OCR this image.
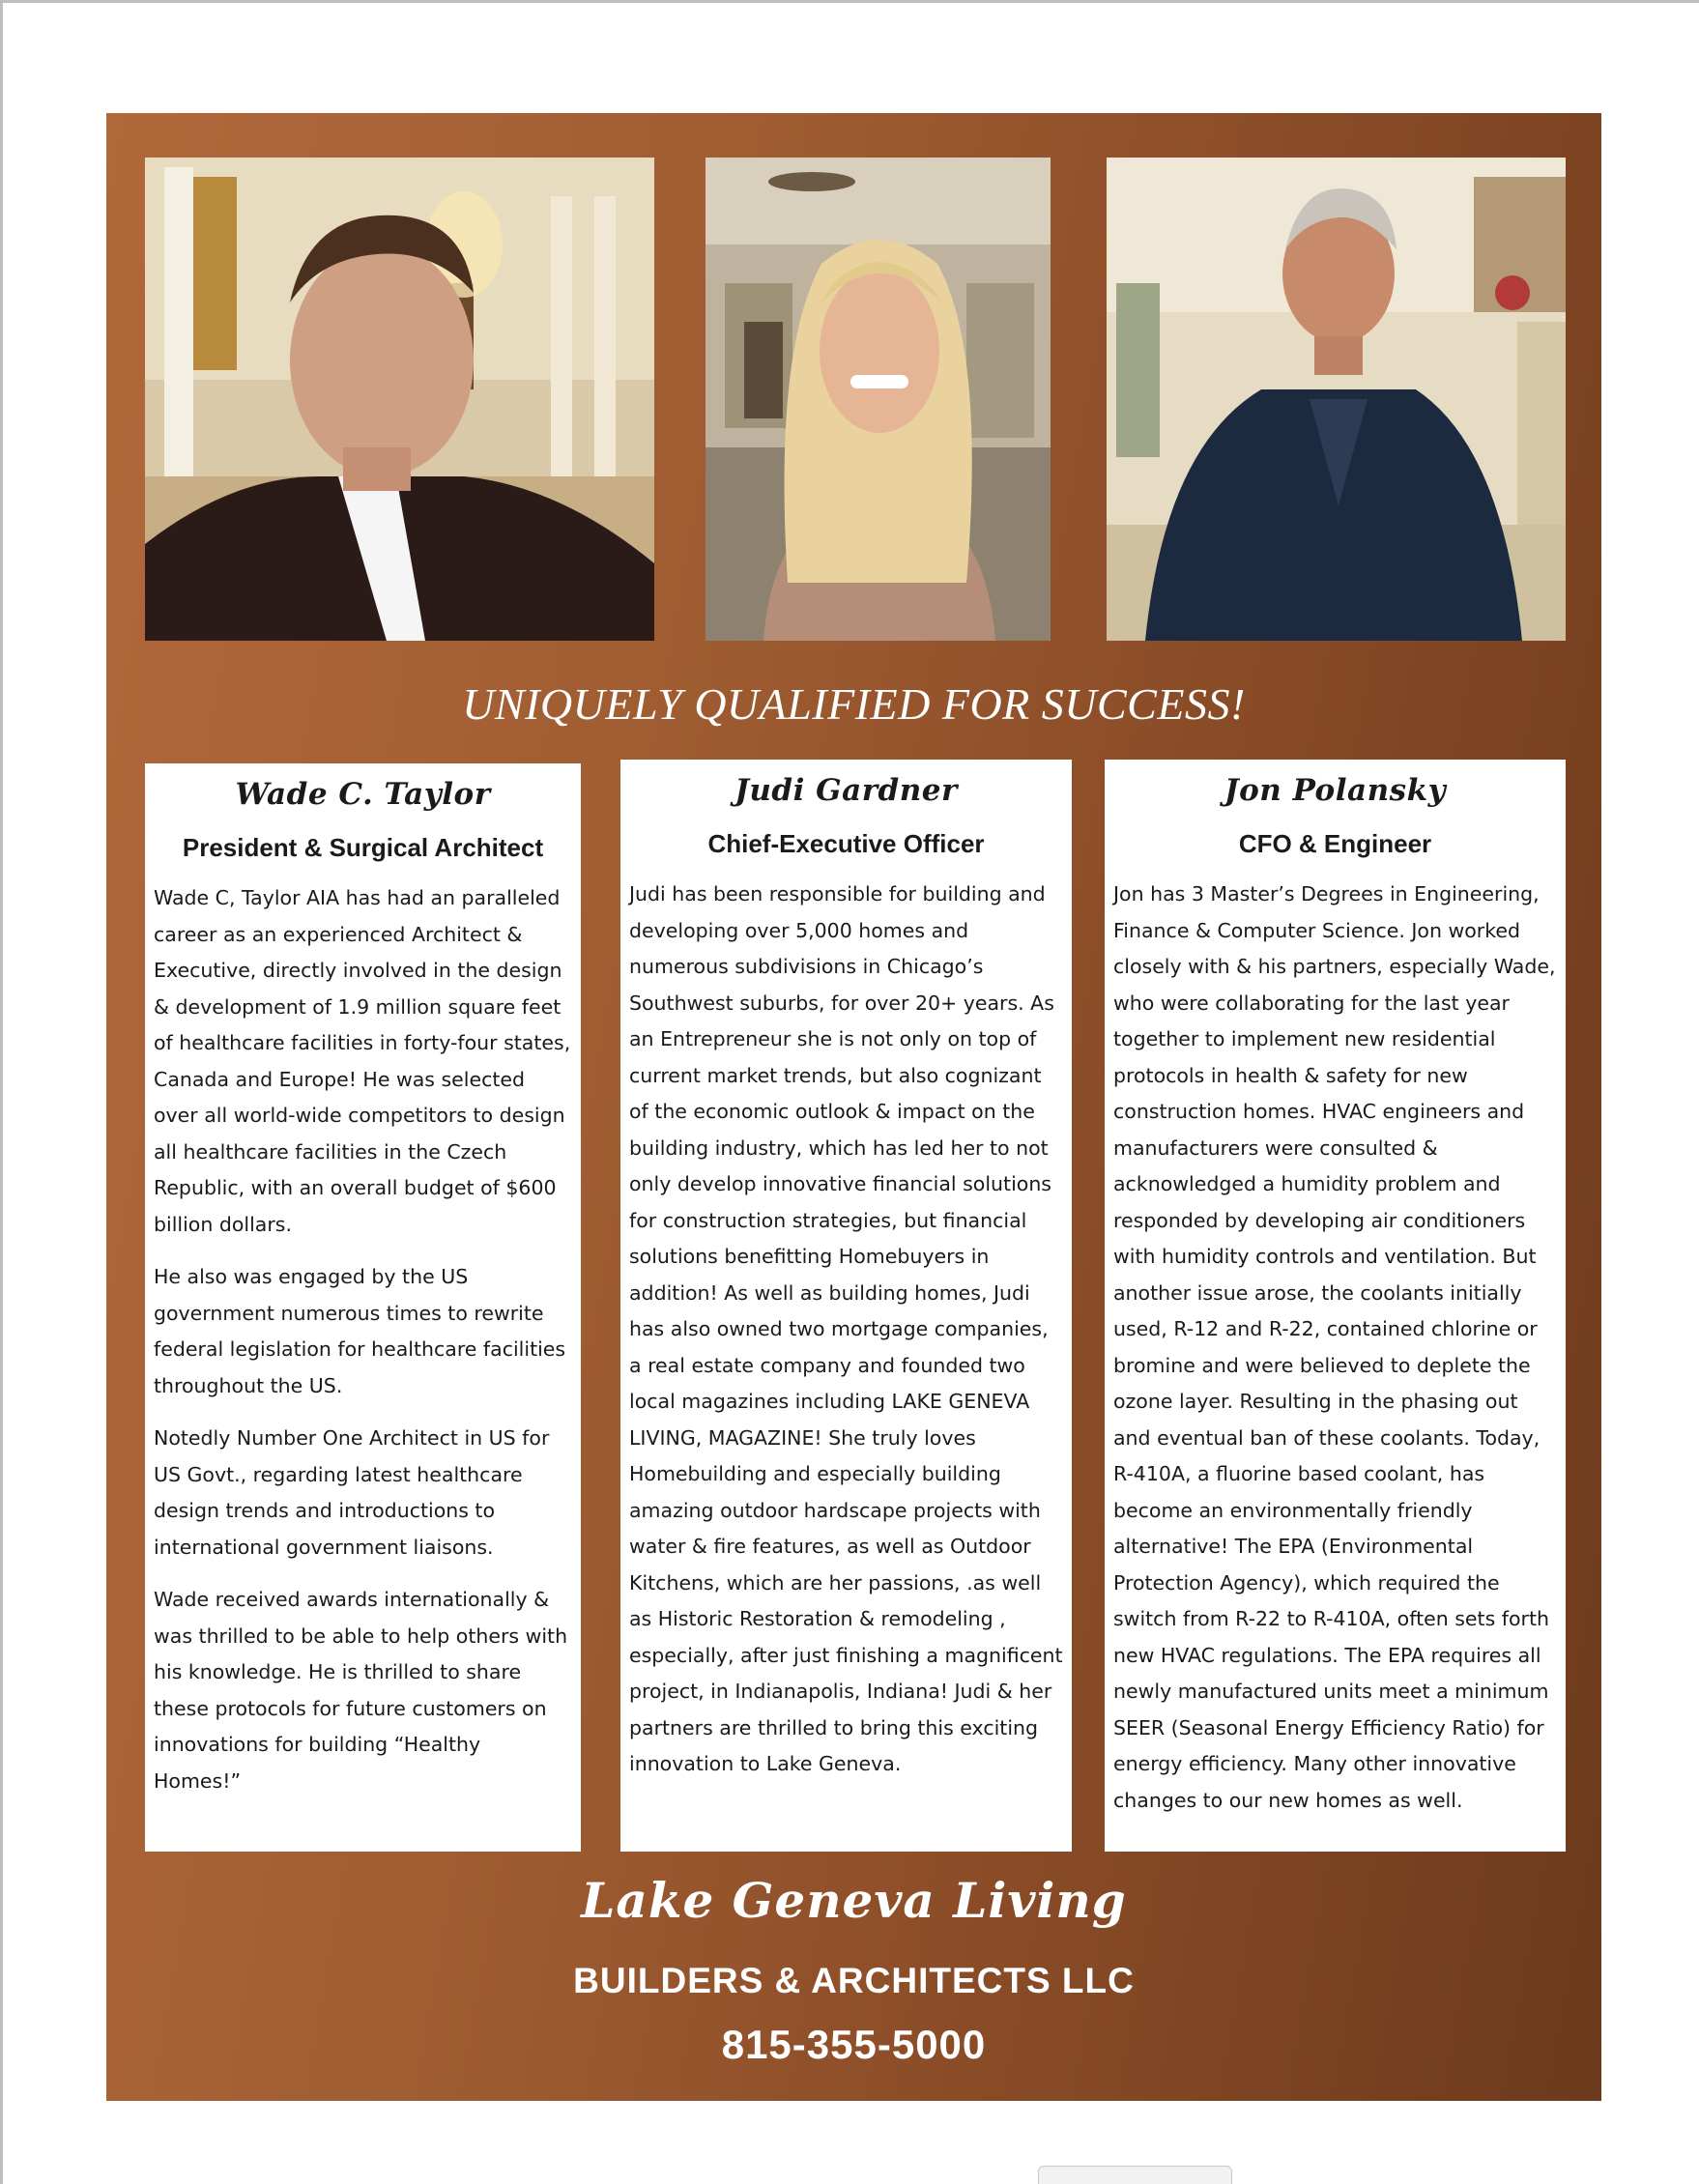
UNIQUELY QUALIFIED FOR SUCCESS!
Wade C. Taylor
President & Surgical Architect

Wade C, Taylor AIA has had an paralleled career as an experienced Architect & Executive, directly involved in the design & development of 1.9 million square feet of healthcare facilities in forty-four states, Canada and Europe! He was selected over all world-wide competitors to design all healthcare facilities in the Czech Republic, with an overall budget of $600 billion dollars.

He also was engaged by the US government numerous times to rewrite federal legislation for healthcare facilities throughout the US.

Notedly Number One Architect in US for US Govt., regarding latest healthcare design trends and introductions to international government liaisons.

Wade received awards internationally & was thrilled to be able to help others with his knowledge. He is thrilled to share these protocols for future customers on innovations for building “Healthy Homes!”

Judi Gardner
Chief-Executive Officer

Judi has been responsible for building and developing over 5,000 homes and numerous subdivisions in Chicago’s Southwest suburbs, for over 20+ years. As an Entrepreneur she is not only on top of current market trends, but also cognizant of the economic outlook & impact on the building industry, which has led her to not only develop innovative financial solutions for construction strategies, but financial solutions benefitting Homebuyers in addition! As well as building homes, Judi has also owned two mortgage companies, a real estate company and founded two local magazines including LAKE GENEVA LIVING, MAGAZINE! She truly loves Homebuilding and especially building amazing outdoor hardscape projects with water & fire features, as well as Outdoor Kitchens, which are her passions, .as well as Historic Restoration & remodeling , especially, after just finishing a magnificent project, in Indianapolis, Indiana! Judi & her partners are thrilled to bring this exciting innovation to Lake Geneva.

Jon Polansky
CFO & Engineer

Jon has 3 Master’s Degrees in Engineering, Finance & Computer Science. Jon worked closely with & his partners, especially Wade, who were collaborating for the last year together to implement new residential protocols in health & safety for new construction homes. HVAC engineers and manufacturers were consulted & acknowledged a humidity problem and responded by developing air conditioners with humidity controls and ventilation. But another issue arose, the coolants initially used, R-12 and R-22, contained chlorine or bromine and were believed to deplete the ozone layer. Resulting in the phasing out and eventual ban of these coolants. Today, R-410A, a fluorine based coolant, has become an environmentally friendly alternative! The EPA (Environmental Protection Agency), which required the switch from R-22 to R-410A, often sets forth new HVAC regulations. The EPA requires all newly manufactured units meet a minimum SEER (Seasonal Energy Efficiency Ratio) for energy efficiency. Many other innovative changes to our new homes as well.

Lake Geneva Living
BUILDERS & ARCHITECTS LLC
815-355-5000
